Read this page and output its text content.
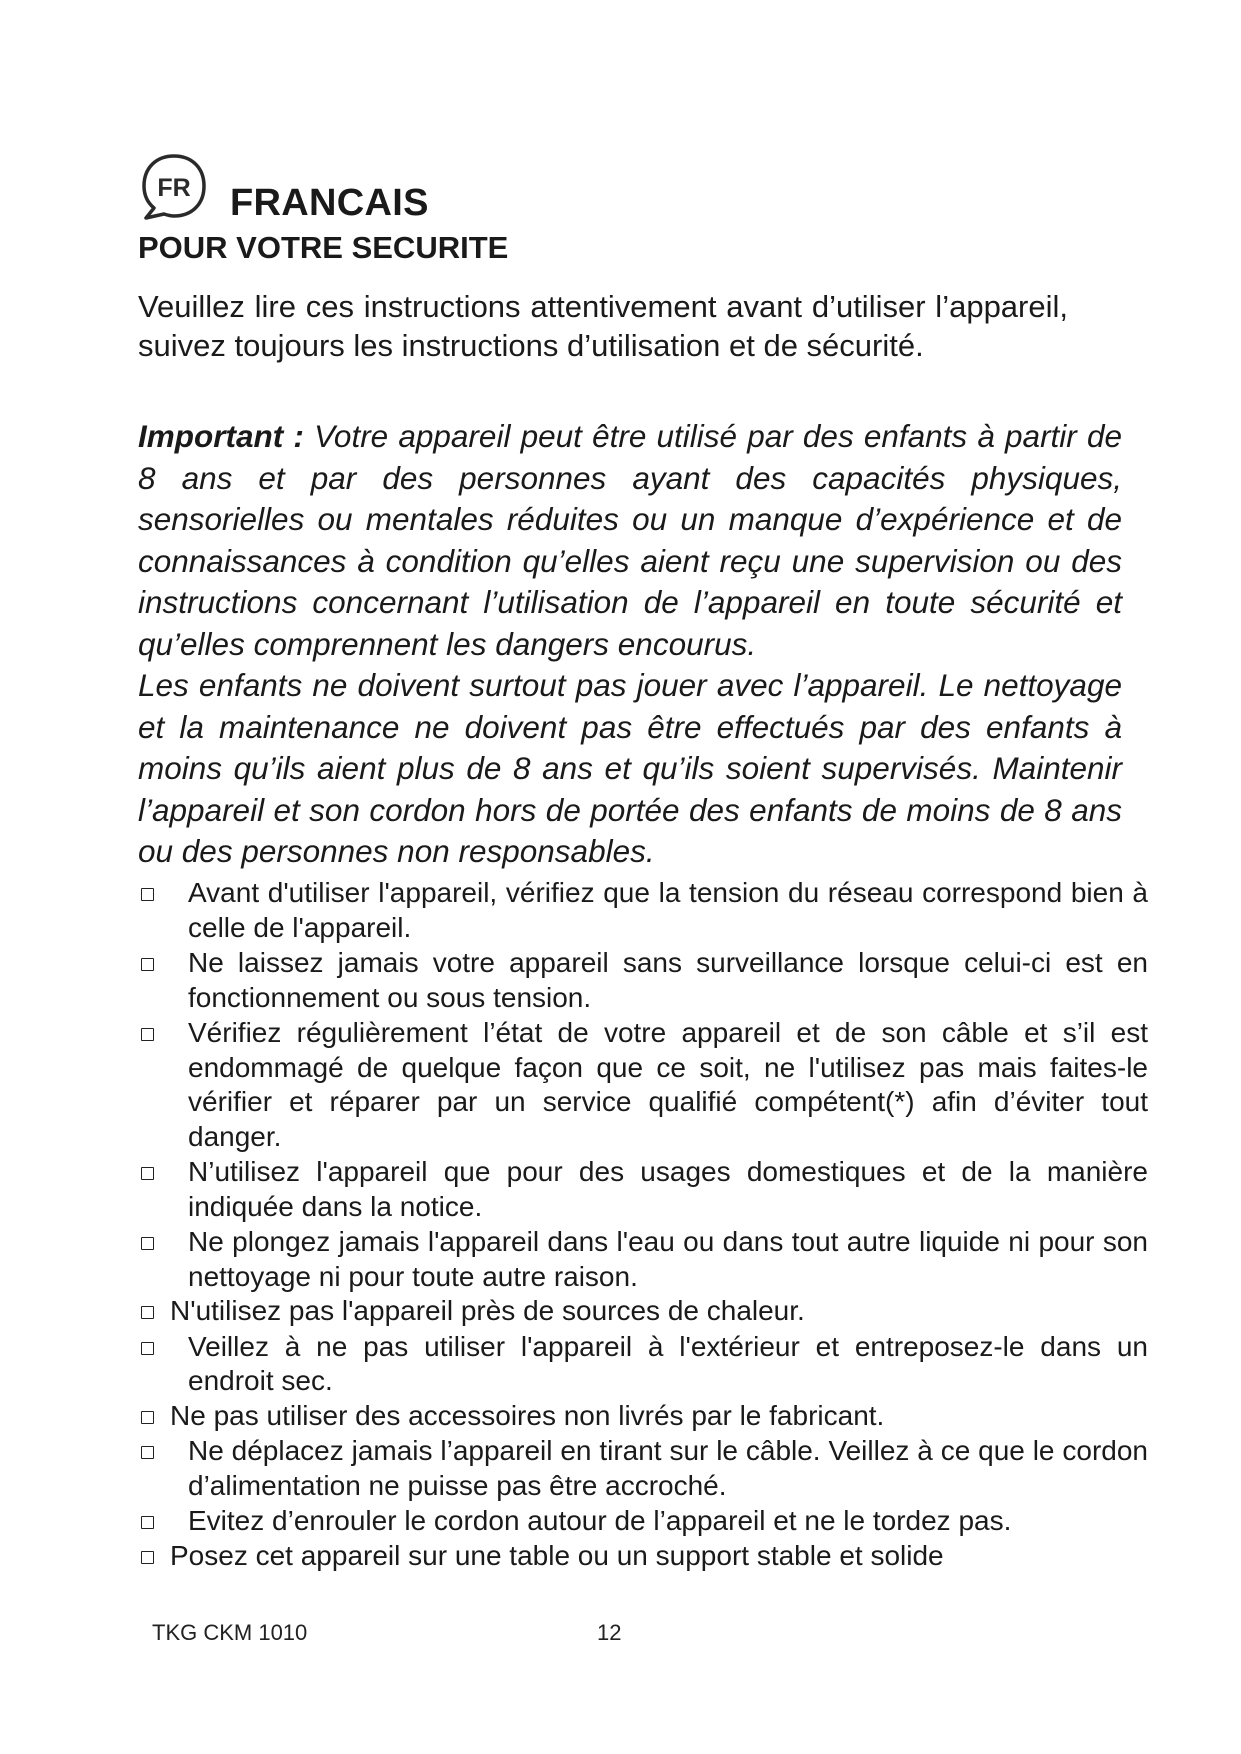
FR FRANCAIS
POUR VOTRE SECURITE

Veuillez lire ces instructions attentivement avant d’utiliser l’appareil, suivez toujours les instructions d’utilisation et de sécurité.

Important : Votre appareil peut être utilisé par des enfants à partir de 8 ans et par des personnes ayant des capacités physiques, sensorielles ou mentales réduites ou un manque d’expérience et de connaissances à condition qu’elles aient reçu une supervision ou des instructions concernant l’utilisation de l’appareil en toute sécurité et qu’elles comprennent les dangers encourus.
Les enfants ne doivent surtout pas jouer avec l’appareil. Le nettoyage et la maintenance ne doivent pas être effectués par des enfants à moins qu’ils aient plus de 8 ans et qu’ils soient supervisés. Maintenir l’appareil et son cordon hors de portée des enfants de moins de 8 ans ou des personnes non responsables.
Avant d'utiliser l'appareil, vérifiez que la tension du réseau correspond bien à celle de l'appareil.
Ne laissez jamais votre appareil sans surveillance lorsque celui-ci est en fonctionnement ou sous tension.
Vérifiez régulièrement l’état de votre appareil et de son câble et s’il est endommagé de quelque façon que ce soit, ne l'utilisez pas mais faites-le vérifier et réparer par un service qualifié compétent(*) afin d’éviter tout danger.
N’utilisez l'appareil que pour des usages domestiques et de la manière indiquée dans la notice.
Ne plongez jamais l'appareil dans l'eau ou dans tout autre liquide ni pour son nettoyage ni pour toute autre raison.
N'utilisez pas l'appareil près de sources de chaleur.
Veillez à ne pas utiliser l'appareil à l'extérieur et entreposez-le dans un endroit sec.
Ne pas utiliser des accessoires non livrés par le fabricant.
Ne déplacez jamais l’appareil en tirant sur le câble. Veillez à ce que le cordon d’alimentation ne puisse pas être accroché.
Evitez d’enrouler le cordon autour de l’appareil et ne le tordez pas.
Posez cet appareil sur une table ou un support stable et solide
TKG CKM 1010	12
